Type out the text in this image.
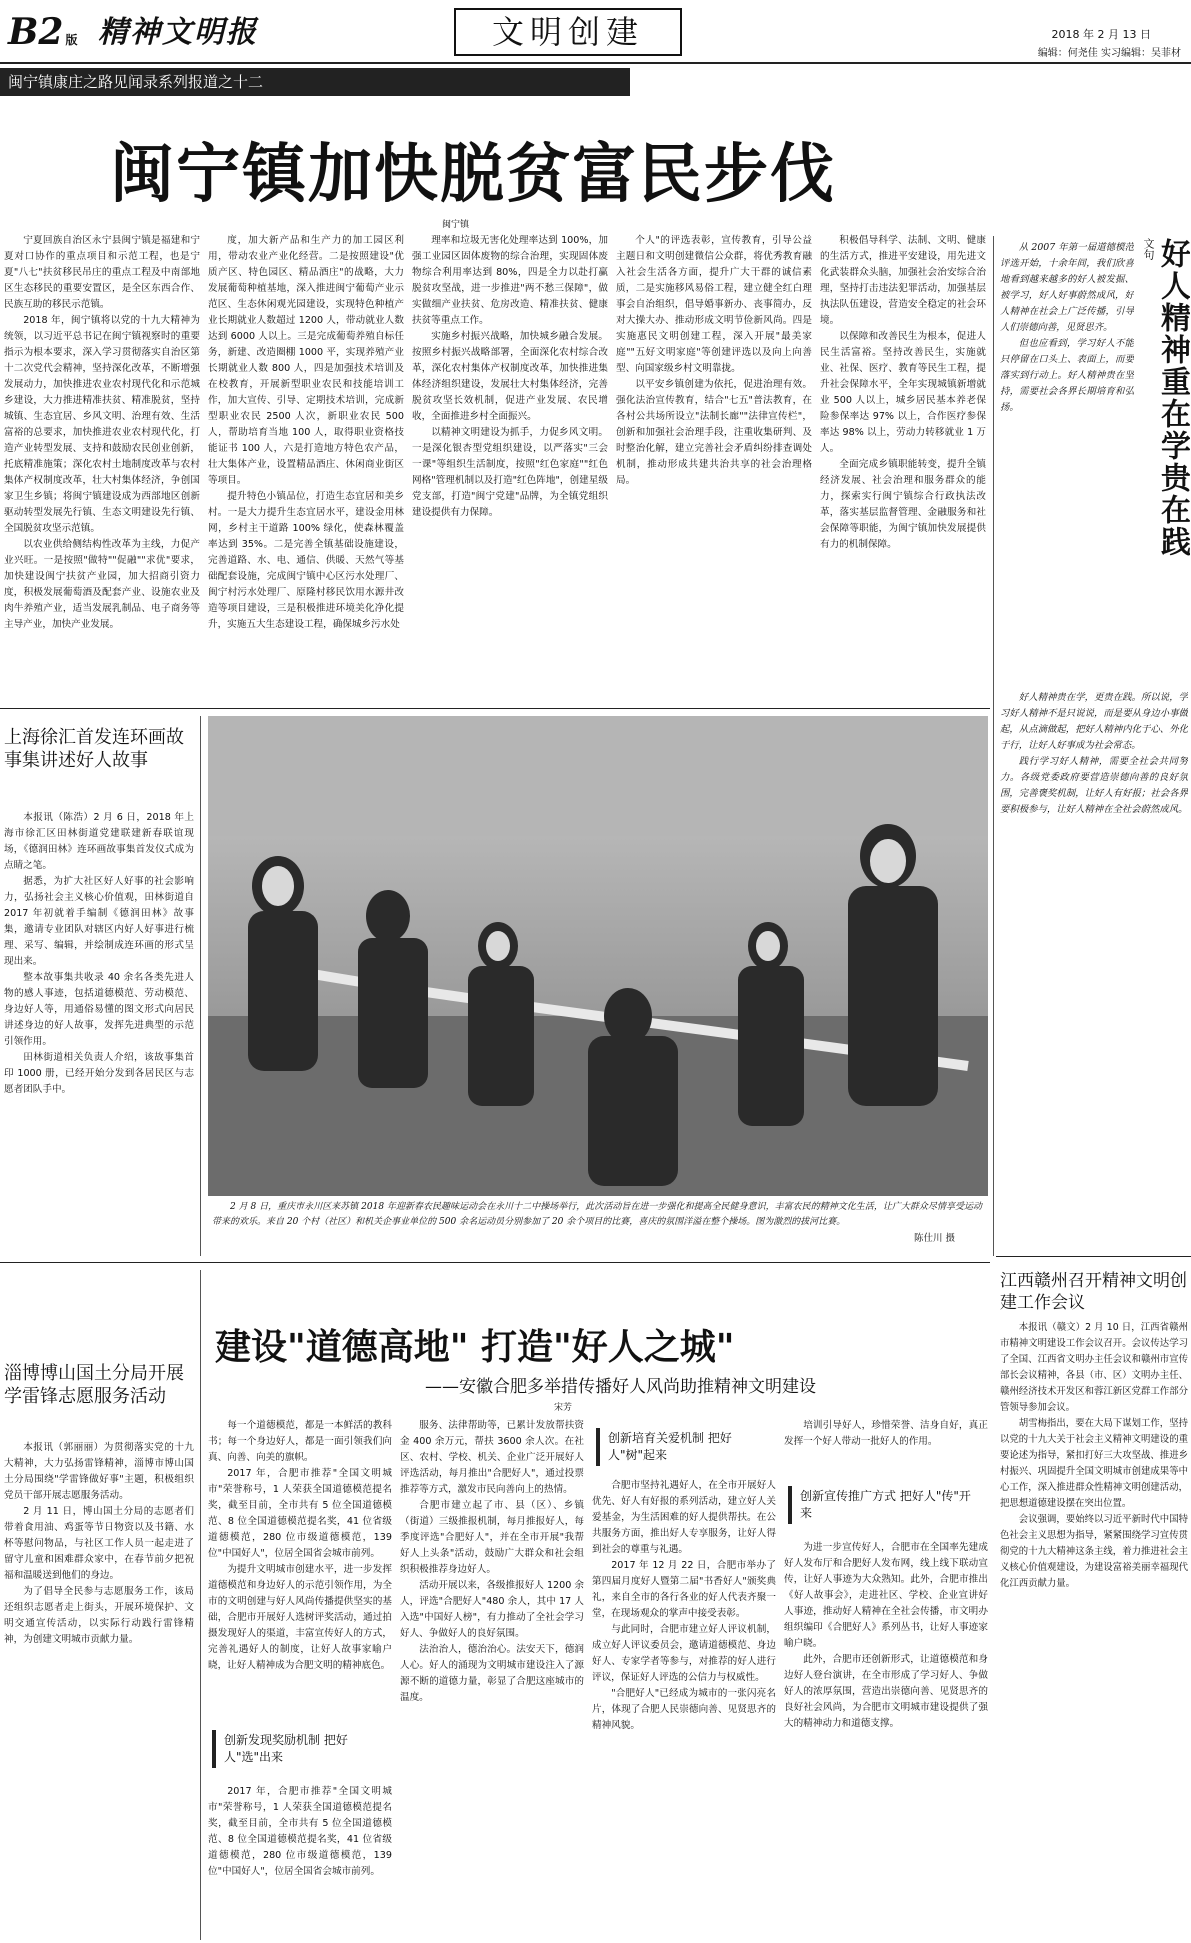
B2 版 精神文明报	文明创建	2018 年 2 月 13 日
编辑：何尧佳 实习编辑：吴菲材
闽宁镇康庄之路见闻录系列报道之十二
闽宁镇加快脱贫富民步伐
闽宁镇

宁夏回族自治区永宁县闽宁镇是福建和宁夏对口协作的重点项目和示范工程，也是宁夏"八七"扶贫移民吊庄的重点工程及中南部地区生态移民的重要安置区，是全区东西合作、民族互助的移民示范镇。

2018 年，闽宁镇将以党的十九大精神为统领，以习近平总书记在闽宁镇视察时的重要指示为根本要求，深入学习贯彻落实自治区第十二次党代会精神，坚持深化改革，不断增强发展动力，加快推进农业农村现代化和示范城乡建设，大力推进精准扶贫、精准脱贫，坚持城镇、生态宜居、乡风文明、治理有效、生活富裕的总要求，加快推进农业农村现代化，打造产业转型发展、支持和鼓励农民创业创新，托底精准施策；深化农村土地制度改革与农村集体产权制度改革，壮大村集体经济，争创国家卫生乡镇；将闽宁镇建设成为西部地区创新驱动转型发展先行镇、生态文明建设先行镇、全国脱贫攻坚示范镇。

以农业供给侧结构性改革为主线，力促产业兴旺。一是按照"做特""促融""求优"要求，加快建设闽宁扶贫产业园，加大招商引资力度，积极发展葡萄酒及配套产业、设施农业及肉牛养殖产业，适当发展乳制品、电子商务等主导产业，加快产业发展。

度，加大新产品和生产力的加工园区利用，带动农业产业化经营。二是按照建设"优质产区、特色园区、精品酒庄"的战略，大力发展葡萄种植基地，深入推进闽宁葡萄产业示范区、生态休闲观光园建设，实现特色种植产业长期就业人数超过 1200 人，带动就业人数达到 6000 人以上。三是完成葡萄养殖自标任务，新建、改造圈棚 1000 平，实现养殖产业长期就业人数 800 人，四是加强技术培训及在校教育，开展新型职业农民和技能培训工作，加大宣传、引导、定期技术培训，完成新型职业农民 2500 人次，新职业农民 500 人，帮助培育当地 100 人，取得职业资格技能证书 100 人，六是打造地方特色农产品，壮大集体产业，设置精品酒庄、休闲商业街区等项目。

提升特色小镇品位，打造生态宜居和美乡村。一是大力提升生态宜居水平，建设金用林网，乡村主干道路 100% 绿化，使森林覆盖率达到 35%。二是完善全镇基础设施建设，完善道路、水、电、通信、供暖、天然气等基础配套设施，完成闽宁镇中心区污水处理厂、闽宁村污水处理厂、原隆村移民饮用水源井改造等项目建设，三是积极推进环境美化净化提升，实施五大生态建设工程，确保城乡污水处

理率和垃圾无害化处理率达到 100%，加强工业园区固体废物的综合治理，实现固体废物综合利用率达到 80%，四是全力以赴打赢脱贫攻坚战，进一步推进"两不愁三保障"，做实做细产业扶贫、危房改造、精准扶贫、健康扶贫等重点工作。

实施乡村振兴战略，加快城乡融合发展。按照乡村振兴战略部署，全面深化农村综合改革，深化农村集体产权制度改革，加快推进集体经济组织建设，发展壮大村集体经济，完善脱贫攻坚长效机制，促进产业发展、农民增收，全面推进乡村全面振兴。

以精神文明建设为抓手，力促乡风文明。一是深化银杏型党组织建设，以严落实"三会一课"等组织生活制度，按照"红色家庭""红色网格"管理机制以及打造"红色阵地"，创建星级党支部，打造"闽宁党建"品牌，为全镇党组织建设提供有力保障。

个人"的评选表彰，宣传教育，引导公益主题日和文明创建微信公众群，将优秀教育融入社会生活各方面，提升广大干群的诚信素质，二是实施移风易俗工程，建立健全红白理事会自治组织，倡导婚事新办、丧事简办，反对大操大办、推动形成文明节俭新风尚。四是实施惠民文明创建工程，深入开展"最美家庭""五好文明家庭"等创建评选以及向上向善型、向国家级乡村文明靠拢。

以平安乡镇创建为依托，促进治理有效。强化法治宣传教育，结合"七五"普法教育，在各村公共场所设立"法制长廊""法律宣传栏"，创新和加强社会治理手段，注重收集研判、及时整治化解，建立完善社会矛盾纠纷排查调处机制，推动形成共建共治共享的社会治理格局。

积极倡导科学、法制、文明、健康的生活方式，推进平安建设，用先进文化武装群众头脑，加强社会治安综合治理，坚持打击违法犯罪活动，加强基层执法队伍建设，营造安全稳定的社会环境。

以保障和改善民生为根本，促进人民生活富裕。坚持改善民生，实施就业、社保、医疗、教育等民生工程，提升社会保障水平，全年实现城镇新增就业 500 人以上，城乡居民基本养老保险参保率达 97% 以上，合作医疗参保率达 98% 以上，劳动力转移就业 1 万人。

全面完成乡镇职能转变，提升全镇经济发展、社会治理和服务群众的能力，探索实行闽宁镇综合行政执法改革，落实基层监督管理、金融服务和社会保障等职能，为闽宁镇加快发展提供有力的机制保障。

文句 好人精神重在学贵在践

从 2007 年第一届道德模范评选开始，十余年间，我们欣喜地看到越来越多的好人被发掘、被学习，好人好事蔚然成风，好人精神在社会上广泛传播，引导人们崇德向善，见贤思齐。

但也应看到，学习好人不能只停留在口头上、表面上，而要落实到行动上。好人精神贵在坚持，需要社会各界长期培育和弘扬。

好人精神贵在学，更贵在践。所以说，学习好人精神不是只说说，而是要从身边小事做起，从点滴做起，把好人精神内化于心、外化于行，让好人好事成为社会常态。

践行学习好人精神，需要全社会共同努力。各级党委政府要营造崇德向善的良好氛围，完善褒奖机制，让好人有好报；社会各界要积极参与，让好人精神在全社会蔚然成风。

上海徐汇首发连环画故事集讲述好人故事

本报讯（陈浩）2 月 6 日，2018 年上海市徐汇区田林街道党建联建新春联谊现场，《德润田林》连环画故事集首发仪式成为点睛之笔。

据悉，为扩大社区好人好事的社会影响力，弘扬社会主义核心价值观，田林街道自 2017 年初就着手编制《德润田林》故事集，邀请专业团队对辖区内好人好事进行梳理、采写、编辑，并绘制成连环画的形式呈现出来。

整本故事集共收录 40 余名各类先进人物的感人事迹，包括道德模范、劳动模范、身边好人等，用通俗易懂的图文形式向居民讲述身边的好人故事，发挥先进典型的示范引领作用。

田林街道相关负责人介绍，该故事集首印 1000 册，已经开始分发到各居民区与志愿者团队手中。

2 月 8 日，重庆市永川区来苏镇 2018 年迎新春农民趣味运动会在永川十二中操场举行，此次活动旨在进一步强化和提高全民健身意识，丰富农民的精神文化生活，让广大群众尽情享受运动带来的欢乐。来自 20 个村（社区）和机关企事业单位的 500 余名运动员分别参加了 20 余个项目的比赛，喜庆的氛围洋溢在整个操场。图为激烈的拔河比赛。
陈仕川 摄
江西赣州召开精神文明创建工作会议

本报讯（赣文）2 月 10 日，江西省赣州市精神文明建设工作会议召开。会议传达学习了全国、江西省文明办主任会议和赣州市宣传部长会议精神，各县（市、区）文明办主任、赣州经济技术开发区和蓉江新区党群工作部分管领导参加会议。

胡雪梅指出，要在大局下谋划工作，坚持以党的十九大关于社会主义精神文明建设的重要论述为指导，紧扣打好三大攻坚战、推进乡村振兴、巩固提升全国文明城市创建成果等中心工作，深入推进群众性精神文明创建活动，把思想道德建设摆在突出位置。

会议强调，要始终以习近平新时代中国特色社会主义思想为指导，紧紧围绕学习宣传贯彻党的十九大精神这条主线，着力推进社会主义核心价值观建设，为建设富裕美丽幸福现代化江西贡献力量。

淄博博山国土分局开展学雷锋志愿服务活动

本报讯（郭丽丽）为贯彻落实党的十九大精神，大力弘扬雷锋精神，淄博市博山国土分局围绕"学雷锋做好事"主题，积极组织党员干部开展志愿服务活动。

2 月 11 日，博山国土分局的志愿者们带着食用油、鸡蛋等节日物资以及书籍、水杯等慰问物品，与社区工作人员一起走进了留守儿童和困难群众家中，在春节前夕把祝福和温暖送到他们的身边。

为了倡导全民参与志愿服务工作，该局还组织志愿者走上街头，开展环境保护、文明交通宣传活动，以实际行动践行雷锋精神，为创建文明城市贡献力量。

建设"道德高地" 打造"好人之城"
——安徽合肥多举措传播好人风尚助推精神文明建设
宋芳

每一个道德模范，都是一本鲜活的教科书；每一个身边好人，都是一面引领我们向真、向善、向美的旗帜。

2017 年，合肥市推荐"全国文明城市"荣誉称号，1 人荣获全国道德模范提名奖，截至目前，全市共有 5 位全国道德模范、8 位全国道德模范提名奖，41 位省级道德模范，280 位市级道德模范，139 位"中国好人"，位居全国省会城市前列。

为提升文明城市创建水平，进一步发挥道德模范和身边好人的示范引领作用，为全市的文明创建与好人风尚传播提供坚实的基础，合肥市开展好人选树评奖活动，通过拍摄发现好人的渠道，丰富宣传好人的方式，完善礼遇好人的制度，让好人故事家喻户晓，让好人精神成为合肥文明的精神底色。

创新发现奖励机制 把好人"选"出来

2017 年，合肥市推荐"全国文明城市"荣誉称号，1 人荣获全国道德模范提名奖，截至目前，全市共有 5 位全国道德模范、8 位全国道德模范提名奖，41 位省级道德模范，280 位市级道德模范，139 位"中国好人"，位居全国省会城市前列。

服务、法律帮助等，已累计发放帮扶资金 400 余万元，帮扶 3600 余人次。在社区、农村、学校、机关、企业广泛开展好人评选活动，每月推出"合肥好人"，通过投票推荐等方式，激发市民向善向上的热情。

合肥市建立起了市、县（区）、乡镇（街道）三级推报机制，每月推报好人，每季度评选"合肥好人"，并在全市开展"我帮好人上头条"活动，鼓励广大群众和社会组织积极推荐身边好人。

活动开展以来，各级推报好人 1200 余人，评选"合肥好人"480 余人，其中 17 人入选"中国好人榜"，有力推动了全社会学习好人、争做好人的良好氛围。

法治治人，德治治心。法安天下，德润人心。好人的涌现为文明城市建设注入了源源不断的道德力量，彰显了合肥这座城市的温度。

创新培育关爱机制 把好人"树"起来

合肥市坚持礼遇好人，在全市开展好人优先、好人有好报的系列活动，建立好人关爱基金，为生活困难的好人提供帮扶。在公共服务方面，推出好人专享服务，让好人得到社会的尊重与礼遇。

2017 年 12 月 22 日，合肥市举办了第四届月度好人暨第二届"书香好人"颁奖典礼，来自全市的各行各业的好人代表齐聚一堂，在现场观众的掌声中接受表彰。

与此同时，合肥市建立好人评议机制，成立好人评议委员会，邀请道德模范、身边好人、专家学者等参与，对推荐的好人进行评议，保证好人评选的公信力与权威性。

"合肥好人"已经成为城市的一张闪亮名片，体现了合肥人民崇德向善、见贤思齐的精神风貌。

培训引导好人，珍惜荣誉、洁身自好，真正发挥一个好人带动一批好人的作用。

创新宣传推广方式 把好人"传"开来

为进一步宣传好人，合肥市在全国率先建成好人发布厅和合肥好人发布网，线上线下联动宣传，让好人事迹为大众熟知。此外，合肥市推出《好人故事会》，走进社区、学校、企业宣讲好人事迹，推动好人精神在全社会传播，市文明办组织编印《合肥好人》系列丛书，让好人事迹家喻户晓。

此外，合肥市还创新形式，让道德模范和身边好人登台演讲，在全市形成了学习好人、争做好人的浓厚氛围，营造出崇德向善、见贤思齐的良好社会风尚，为合肥市文明城市建设提供了强大的精神动力和道德支撑。
